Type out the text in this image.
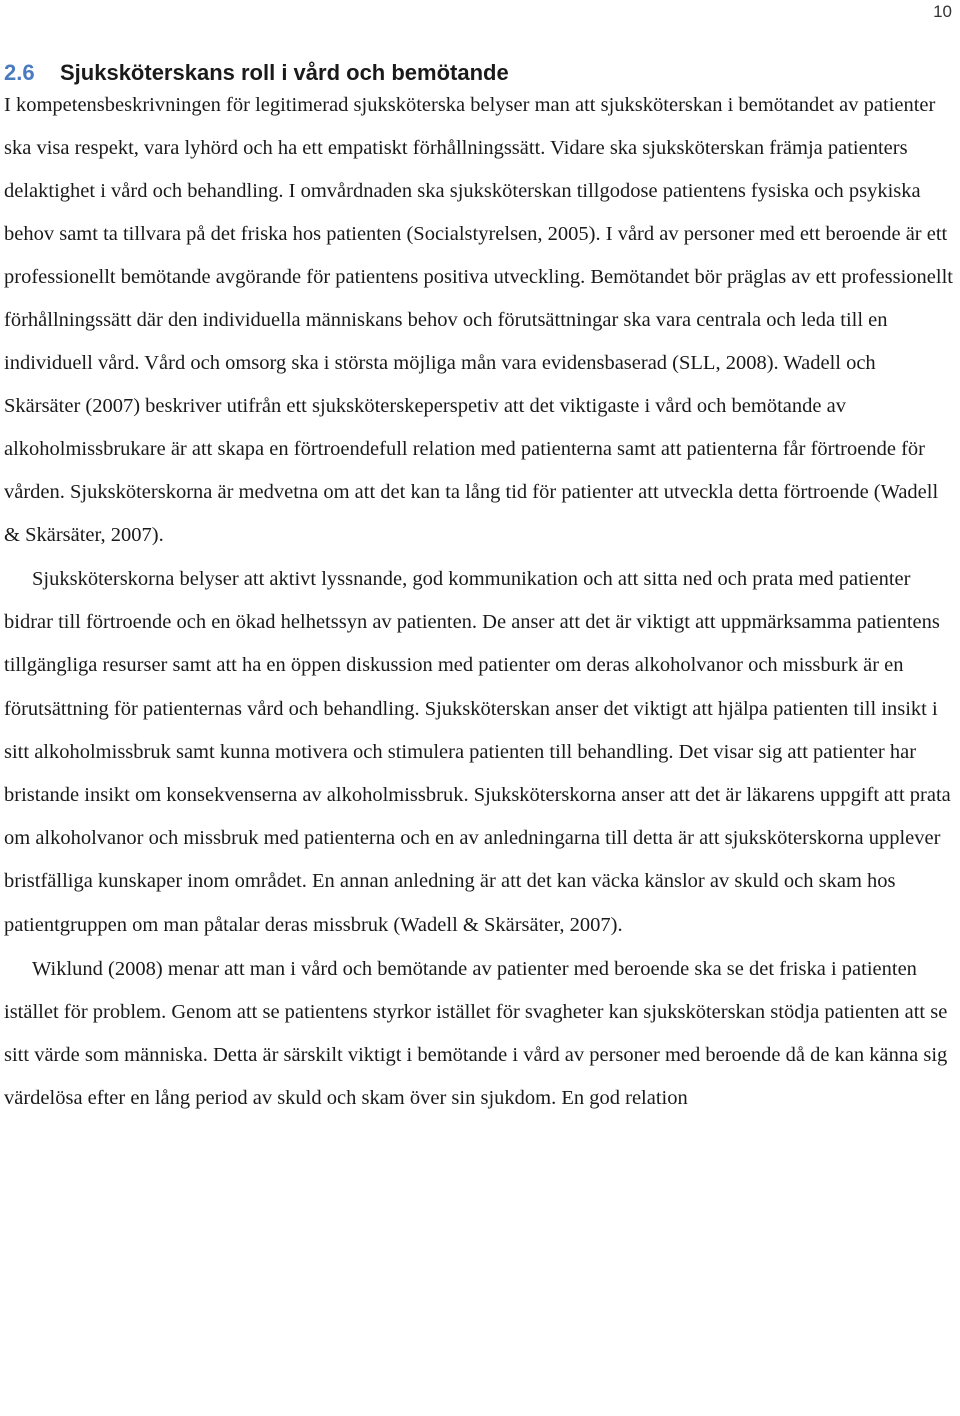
10
2.6 Sjuksköterskans roll i vård och bemötande

I kompetensbeskrivningen för legitimerad sjuksköterska belyser man att sjuksköterskan i bemötandet av patienter ska visa respekt, vara lyhörd och ha ett empatiskt förhållningssätt. Vidare ska sjuksköterskan främja patienters delaktighet i vård och behandling. I omvårdnaden ska sjuksköterskan tillgodose patientens fysiska och psykiska behov samt ta tillvara på det friska hos patienten (Socialstyrelsen, 2005). I vård av personer med ett beroende är ett professionellt bemötande avgörande för patientens positiva utveckling. Bemötandet bör präglas av ett professionellt förhållningssätt där den individuella människans behov och förutsättningar ska vara centrala och leda till en individuell vård. Vård och omsorg ska i största möjliga mån vara evidensbaserad (SLL, 2008). Wadell och Skärsäter (2007) beskriver utifrån ett sjuksköterskeperspetiv att det viktigaste i vård och bemötande av alkoholmissbrukare är att skapa en förtroendefull relation med patienterna samt att patienterna får förtroende för vården. Sjuksköterskorna är medvetna om att det kan ta lång tid för patienter att utveckla detta förtroende (Wadell & Skärsäter, 2007).

Sjuksköterskorna belyser att aktivt lyssnande, god kommunikation och att sitta ned och prata med patienter bidrar till förtroende och en ökad helhetssyn av patienten. De anser att det är viktigt att uppmärksamma patientens tillgängliga resurser samt att ha en öppen diskussion med patienter om deras alkoholvanor och missburk är en förutsättning för patienternas vård och behandling. Sjuksköterskan anser det viktigt att hjälpa patienten till insikt i sitt alkoholmissbruk samt kunna motivera och stimulera patienten till behandling. Det visar sig att patienter har bristande insikt om konsekvenserna av alkoholmissbruk. Sjuksköterskorna anser att det är läkarens uppgift att prata om alkoholvanor och missbruk med patienterna och en av anledningarna till detta är att sjuksköterskorna upplever bristfälliga kunskaper inom området. En annan anledning är att det kan väcka känslor av skuld och skam hos patientgruppen om man påtalar deras missbruk (Wadell & Skärsäter, 2007).

Wiklund (2008) menar att man i vård och bemötande av patienter med beroende ska se det friska i patienten istället för problem. Genom att se patientens styrkor istället för svagheter kan sjuksköterskan stödja patienten att se sitt värde som människa. Detta är särskilt viktigt i bemötande i vård av personer med beroende då de kan känna sig värdelösa efter en lång period av skuld och skam över sin sjukdom. En god relation
